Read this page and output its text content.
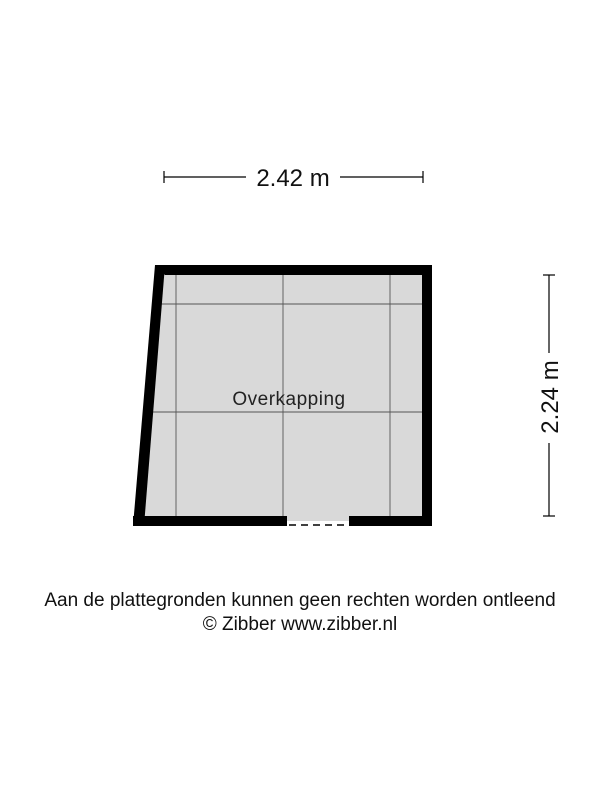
2.42 m
2.24 m
Overkapping
Aan de plattegronden kunnen geen rechten worden ontleend
© Zibber www.zibber.nl
